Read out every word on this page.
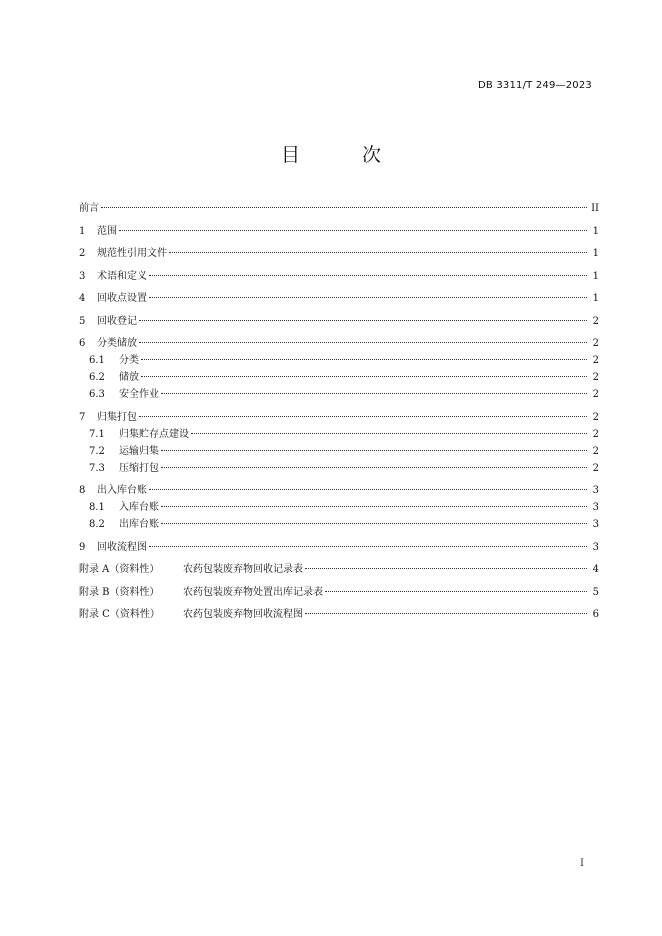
DB 3311/T 249—2023
目 次
前言	II
1	范围	1
2	规范性引用文件	1
3	术语和定义	1
4	回收点设置	1
5	回收登记	2
6	分类储放	2
6.1	分类	2
6.2	储放	2
6.3	安全作业	2
7	归集打包	2
7.1	归集贮存点建设	2
7.2	运输归集	2
7.3	压缩打包	2
8	出入库台账	3
8.1	入库台账	3
8.2	出库台账	3
9	回收流程图	3
附录 A（资料性）	农药包装废弃物回收记录表	4
附录 B（资料性）	农药包装废弃物处置出库记录表	5
附录 C（资料性）	农药包装废弃物回收流程图	6
I
